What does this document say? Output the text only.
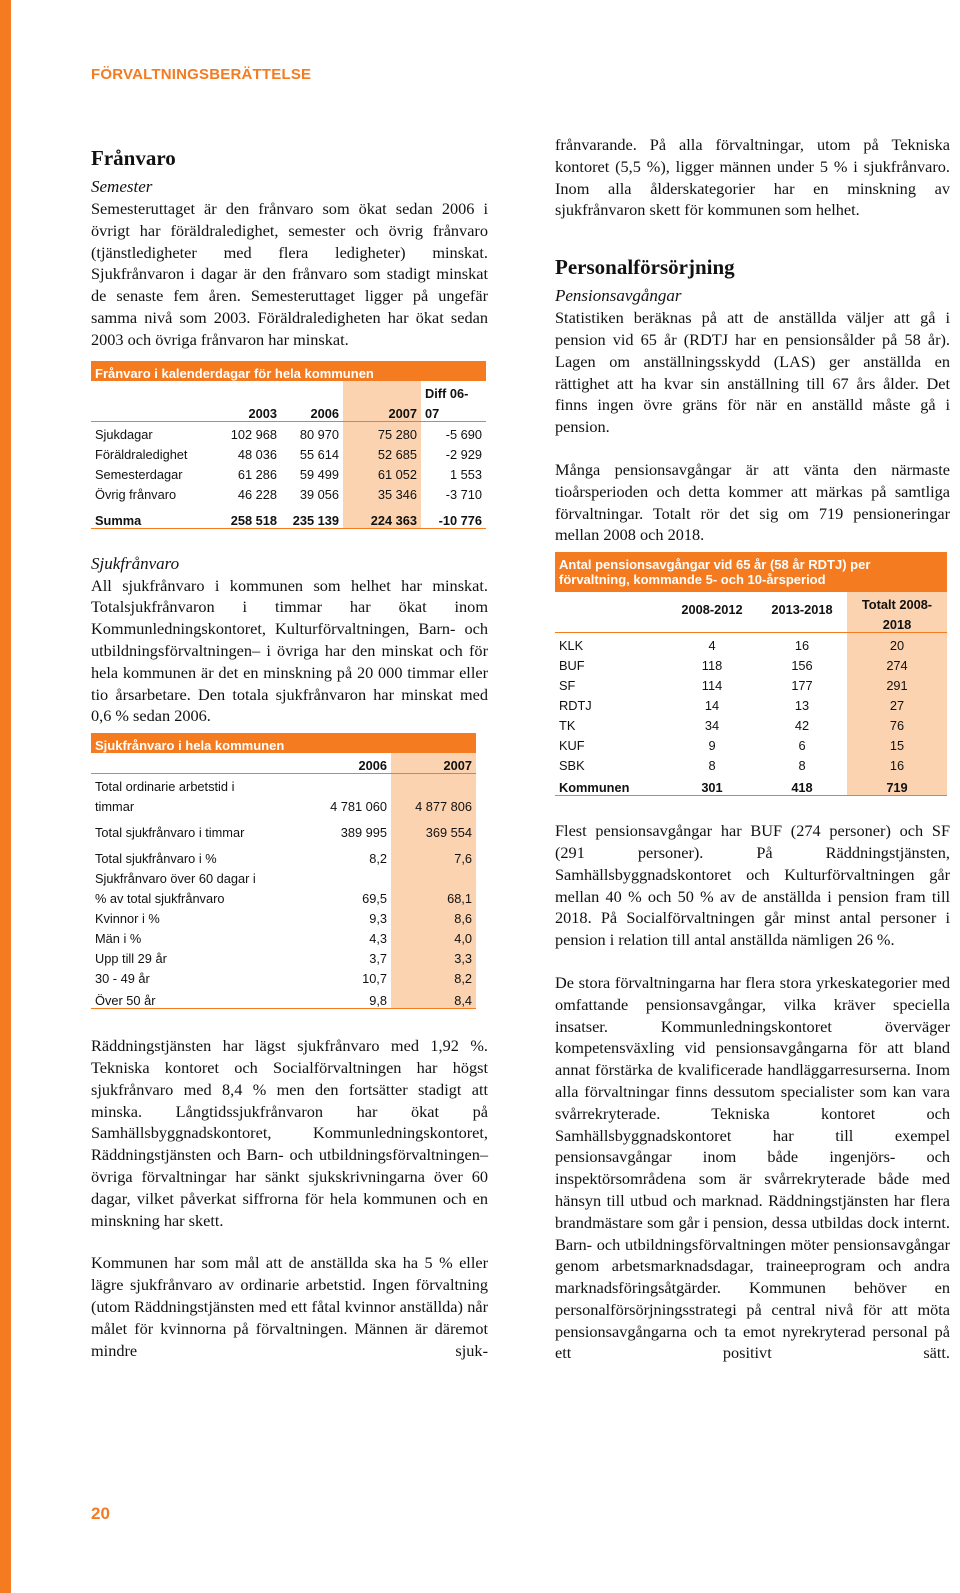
FÖRVALTNINGSBERÄTTELSE
Frånvaro
Semester

Semesteruttaget är den frånvaro som ökat sedan 2006 i övrigt har föräldraledighet, semester och övrig frånvaro (tjänstledigheter med flera ledigheter) minskat. Sjukfrånvaron i dagar är den frånvaro som stadigt minskat de senaste fem åren. Semesteruttaget ligger på ungefär samma nivå som 2003. Föräldraledigheten har ökat sedan 2003 och övriga frånvaron har minskat.

Frånvaro i kalenderdagar för hela kommunen				
				Diff 06-
	2003	2006	2007	07
Sjukdagar	102 968	80 970	75 280	-5 690
Föräldraledighet	48 036	55 614	52 685	-2 929
Semesterdagar	61 286	59 499	61 052	1 553
Övrig frånvaro	46 228	39 056	35 346	-3 710
Summa	258 518	235 139	224 363	-10 776
Sjukfrånvaro

All sjukfrånvaro i kommunen som helhet har minskat. Totalsjukfrånvaron i timmar har ökat inom Kommunledningskontoret, Kulturförvaltningen, Barn- och utbildningsförvaltningen– i övriga har den minskat och för hela kommunen är det en minskning på 20 000 timmar eller tio årsarbetare. Den totala sjukfrånvaron har minskat med 0,6 % sedan 2006.

Sjukfrånvaro i hela kommunen		
	2006	2007
Total ordinarie arbetstid i		
timmar	4 781 060	4 877 806
Total sjukfrånvaro i timmar	389 995	369 554
Total sjukfrånvaro i %	8,2	7,6
Sjukfrånvaro över 60 dagar i		
% av total sjukfrånvaro	69,5	68,1
Kvinnor i %	9,3	8,6
Män i %	4,3	4,0
Upp till 29 år	3,7	3,3
30 - 49 år	10,7	8,2
Över 50 år	9,8	8,4

Räddningstjänsten har lägst sjukfrånvaro med 1,92 %. Tekniska kontoret och Socialförvaltningen har högst sjukfrånvaro med 8,4 % men den fortsätter stadigt att minska. Långtidssjukfrånvaron har ökat på Samhällsbyggnadskontoret, Kommunledningskontoret, Räddningstjänsten och Barn- och utbildningsförvaltningen– övriga förvaltningar har sänkt sjukskrivningarna över 60 dagar, vilket påverkat siffrorna för hela kommunen och en minskning har skett.

Kommunen har som mål att de anställda ska ha 5 % eller lägre sjukfrånvaro av ordinarie arbetstid. Ingen förvaltning (utom Räddningstjänsten med ett fåtal kvinnor anställda) når målet för kvinnorna på förvaltningen. Männen är däremot mindre sjuk-

frånvarande. På alla förvaltningar, utom på Tekniska kontoret (5,5 %), ligger männen under 5 % i sjukfrånvaro. Inom alla ålderskategorier har en minskning av sjukfrånvaron skett för kommunen som helhet.

Personalförsörjning
Pensionsavgångar

Statistiken beräknas på att de anställda väljer att gå i pension vid 65 år (RDTJ har en pensionsålder på 58 år). Lagen om anställningsskydd (LAS) ger anställda en rättighet att ha kvar sin anställning till 67 års ålder. Det finns ingen övre gräns för när en anställd måste gå i pension.

Många pensionsavgångar är att vänta den närmaste tioårsperioden och detta kommer att märkas på samtliga förvaltningar. Totalt rör det sig om 719 pensioneringar mellan 2008 och 2018.

Antal pensionsavgångar vid 65 år (58 år RDTJ) per			
förvaltning, kommande 5- och 10-årsperiod			
			Totalt 2008-
	2008-2012	2013-2018	2018
KLK	4	16	20
BUF	118	156	274
SF	114	177	291
RDTJ	14	13	27
TK	34	42	76
KUF	9	6	15
SBK	8	8	16
Kommunen	301	418	719

Flest pensionsavgångar har BUF (274 personer) och SF (291 personer). På Räddningstjänsten, Samhällsbyggnadskontoret och Kulturförvaltningen går mellan 40 % och 50 % av de anställda i pension fram till 2018. På Socialförvaltningen går minst antal personer i pension i relation till antal anställda nämligen 26 %.

De stora förvaltningarna har flera stora yrkeskategorier med omfattande pensionsavgångar, vilka kräver speciella insatser. Kommunledningskontoret överväger kompetensväxling vid pensionsavgångarna för att bland annat förstärka de kvalificerade handläggarresurserna. Inom alla förvaltningar finns dessutom specialister som kan vara svårrekryterade. Tekniska kontoret och Samhällsbyggnadskontoret har till exempel pensionsavgångar inom både ingenjörs- och inspektörsområdena som är svårrekryterade både med hänsyn till utbud och marknad. Räddningstjänsten har flera brandmästare som går i pension, dessa utbildas dock internt. Barn- och utbildningsförvaltningen möter pensionsavgångar genom arbetsmarknadsdagar, traineeprogram och andra marknadsföringsåtgärder. Kommunen behöver en personalförsörjningsstrategi på central nivå för att möta pensionsavgångarna och ta emot nyrekryterad personal på ett positivt sätt.

20
